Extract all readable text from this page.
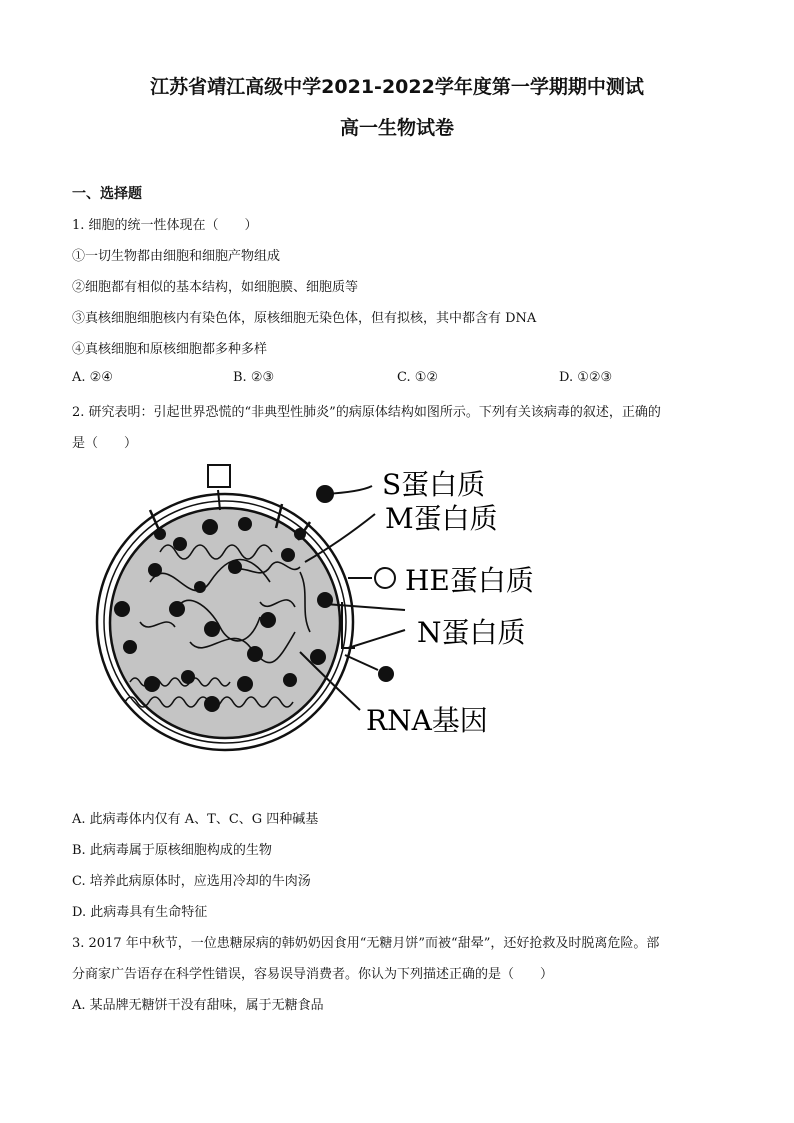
江苏省靖江高级中学2021-2022学年度第一学期期中测试
高一生物试卷
一、选择题
1. 细胞的统一性体现在（　　）
①一切生物都由细胞和细胞产物组成
②细胞都有相似的基本结构，如细胞膜、细胞质等
③真核细胞细胞核内有染色体，原核细胞无染色体，但有拟核，其中都含有 DNA
④真核细胞和原核细胞都多种多样
A. ②④	B. ②③	C. ①②	D. ①②③
2. 研究表明：引起世界恐慌的“非典型性肺炎”的病原体结构如图所示。下列有关该病毒的叙述，正确的
是（　　）
S蛋白质
M蛋白质
HE蛋白质
N蛋白质
RNA基因
A. 此病毒体内仅有 A、T、C、G 四种碱基
B. 此病毒属于原核细胞构成的生物
C. 培养此病原体时，应选用冷却的牛肉汤
D. 此病毒具有生命特征
3. 2017 年中秋节，一位患糖尿病的韩奶奶因食用“无糖月饼”而被“甜晕”，还好抢救及时脱离危险。部
分商家广告语存在科学性错误，容易误导消费者。你认为下列描述正确的是（　　）
A. 某品牌无糖饼干没有甜味，属于无糖食品
